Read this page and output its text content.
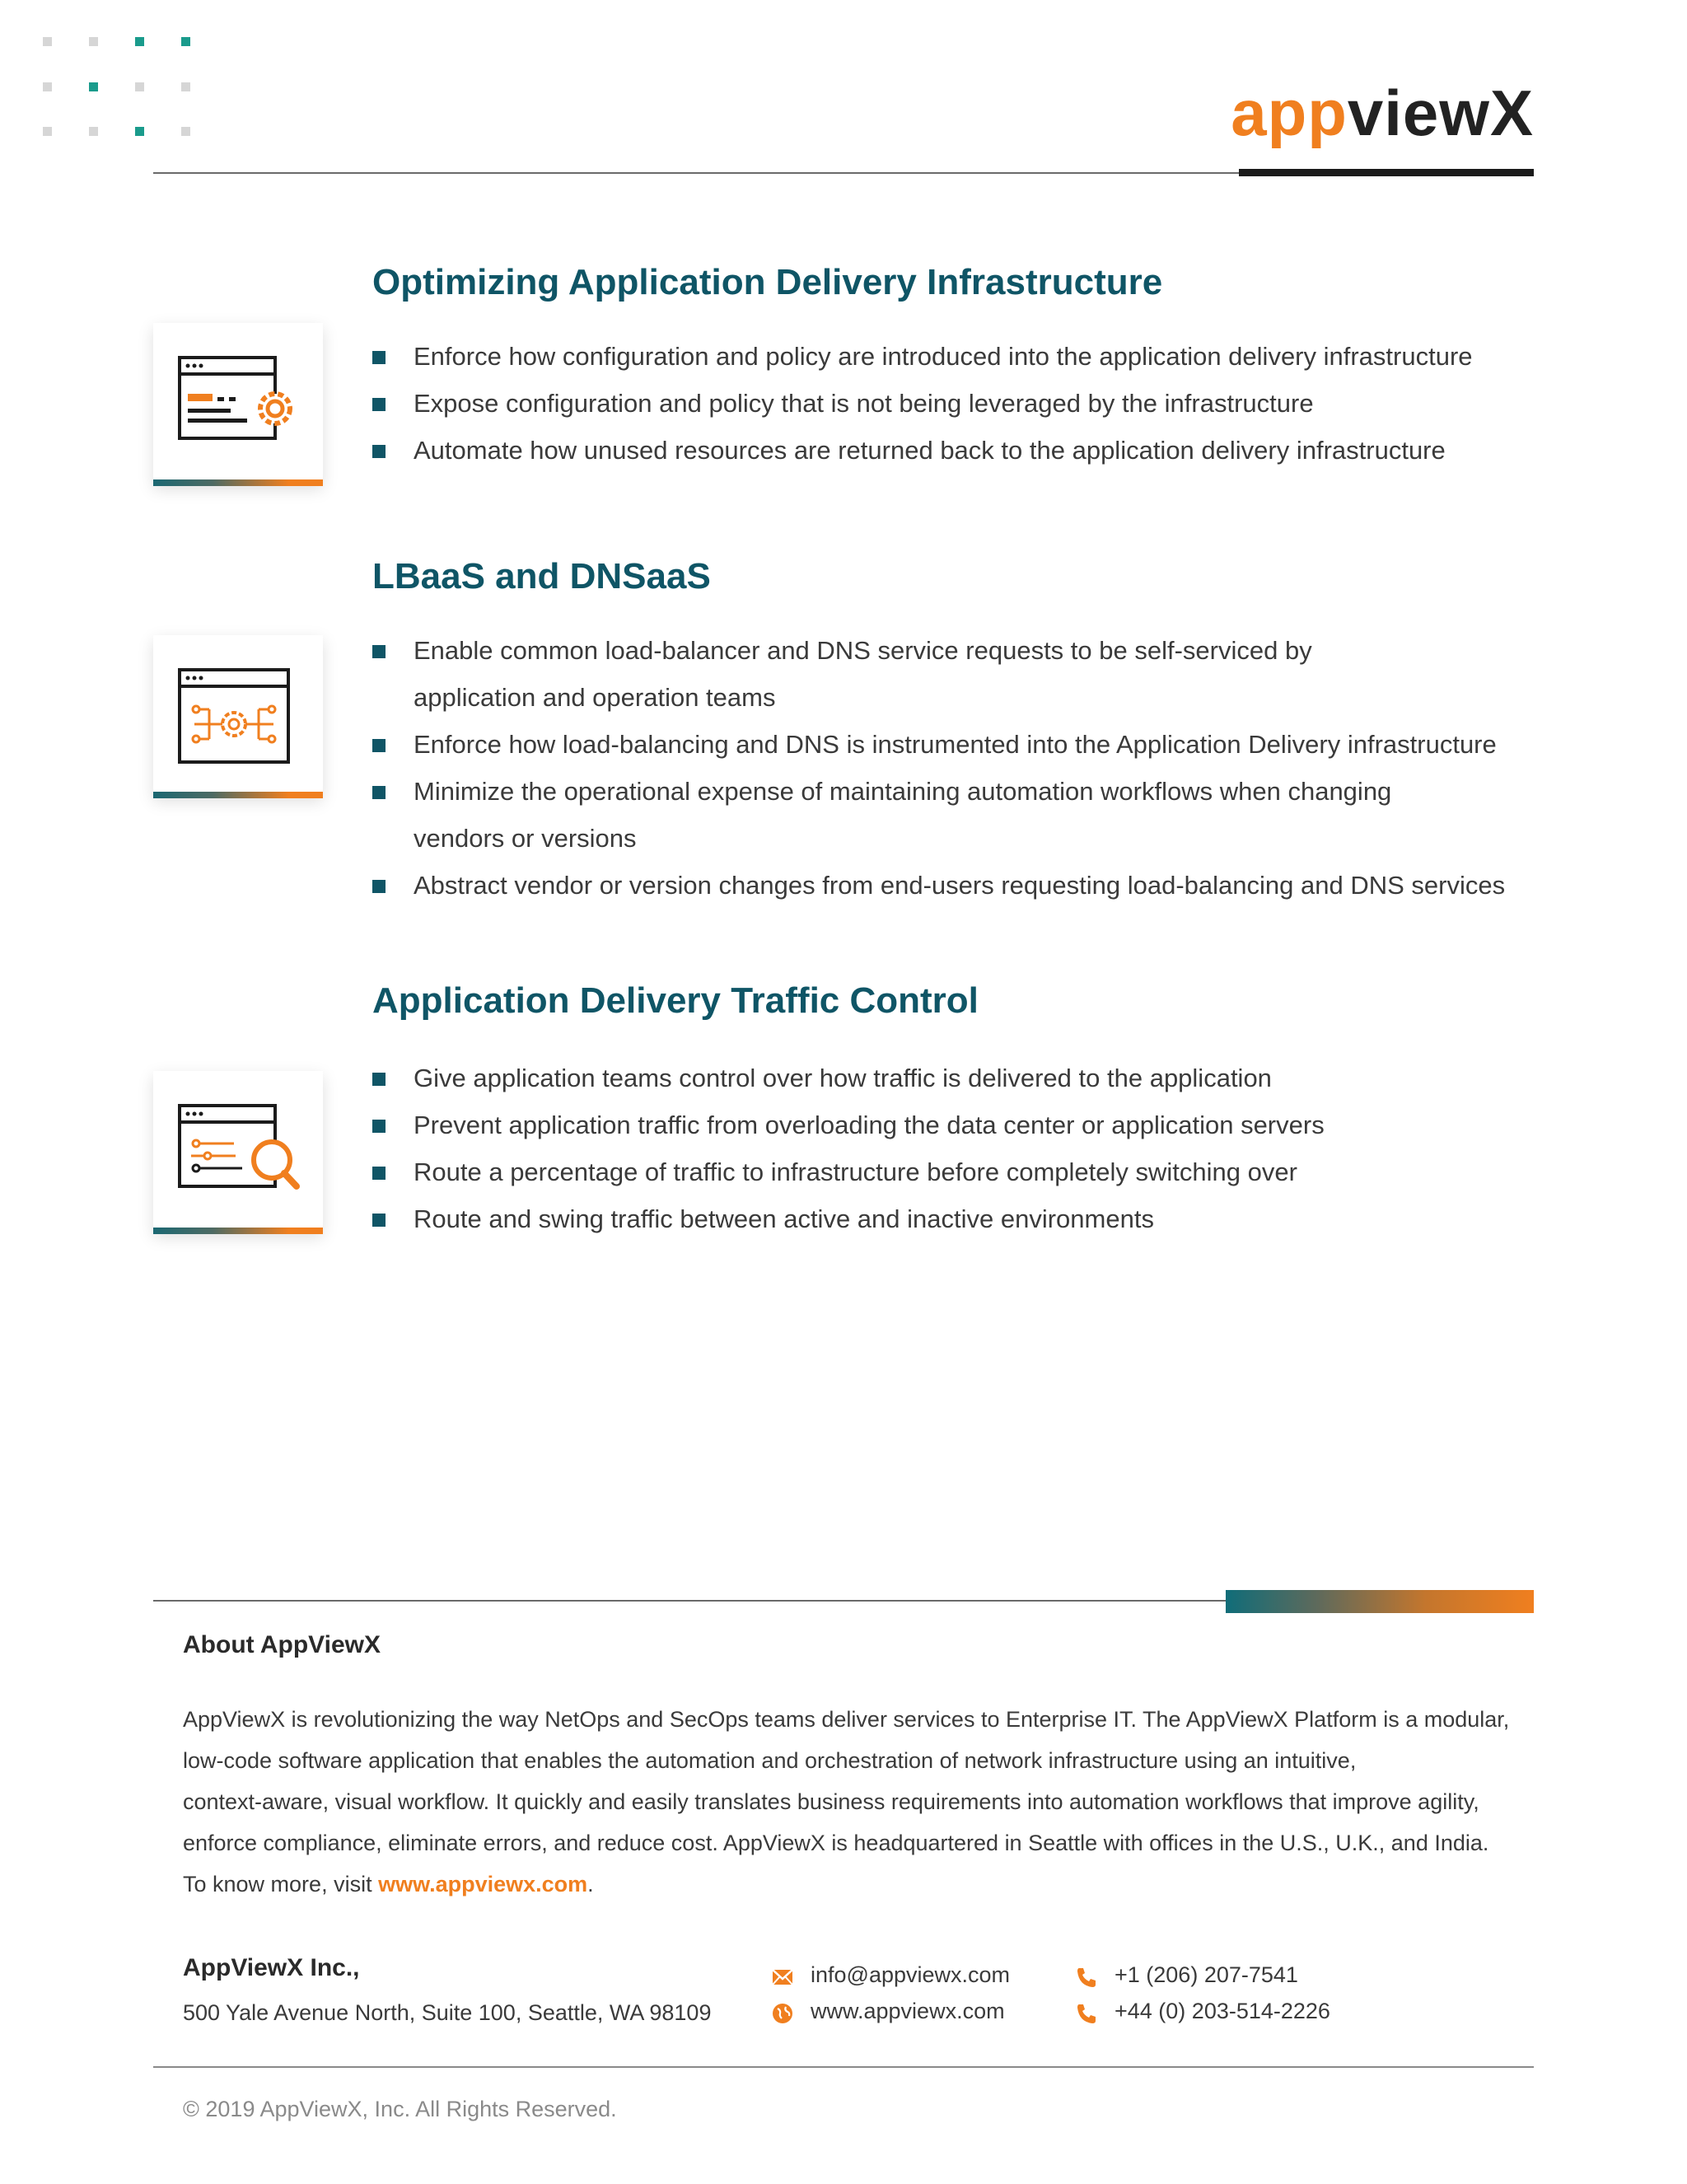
appviewX
Optimizing Application Delivery Infrastructure
Enforce how configuration and policy are introduced into the application delivery infrastructure
Expose configuration and policy that is not being leveraged by the infrastructure
Automate how unused resources are returned back to the application delivery infrastructure
LBaaS and DNSaaS
Enable common load-balancer and DNS service requests to be self-serviced by
application and operation teams
Enforce how load-balancing and DNS is instrumented into the Application Delivery infrastructure
Minimize the operational expense of maintaining automation workflows when changing
vendors or versions
Abstract vendor or version changes from end-users requesting load-balancing and DNS services
Application Delivery Traffic Control
Give application teams control over how traffic is delivered to the application
Prevent application traffic from overloading the data center or application servers
Route a percentage of traffic to infrastructure before completely switching over
Route and swing traffic between active and inactive environments
About AppViewX
AppViewX is revolutionizing the way NetOps and SecOps teams deliver services to Enterprise IT. The AppViewX Platform is a modular,
low-code software application that enables the automation and orchestration of network infrastructure using an intuitive,
context-aware, visual workflow. It quickly and easily translates business requirements into automation workflows that improve agility,
enforce compliance, eliminate errors, and reduce cost. AppViewX is headquartered in Seattle with offices in the U.S., U.K., and India.
To know more, visit www.appviewx.com.
AppViewX Inc.,
500 Yale Avenue North, Suite 100, Seattle, WA 98109
info@appviewx.com
www.appviewx.com
+1 (206) 207-7541
+44 (0) 203-514-2226
© 2019 AppViewX, Inc. All Rights Reserved.
